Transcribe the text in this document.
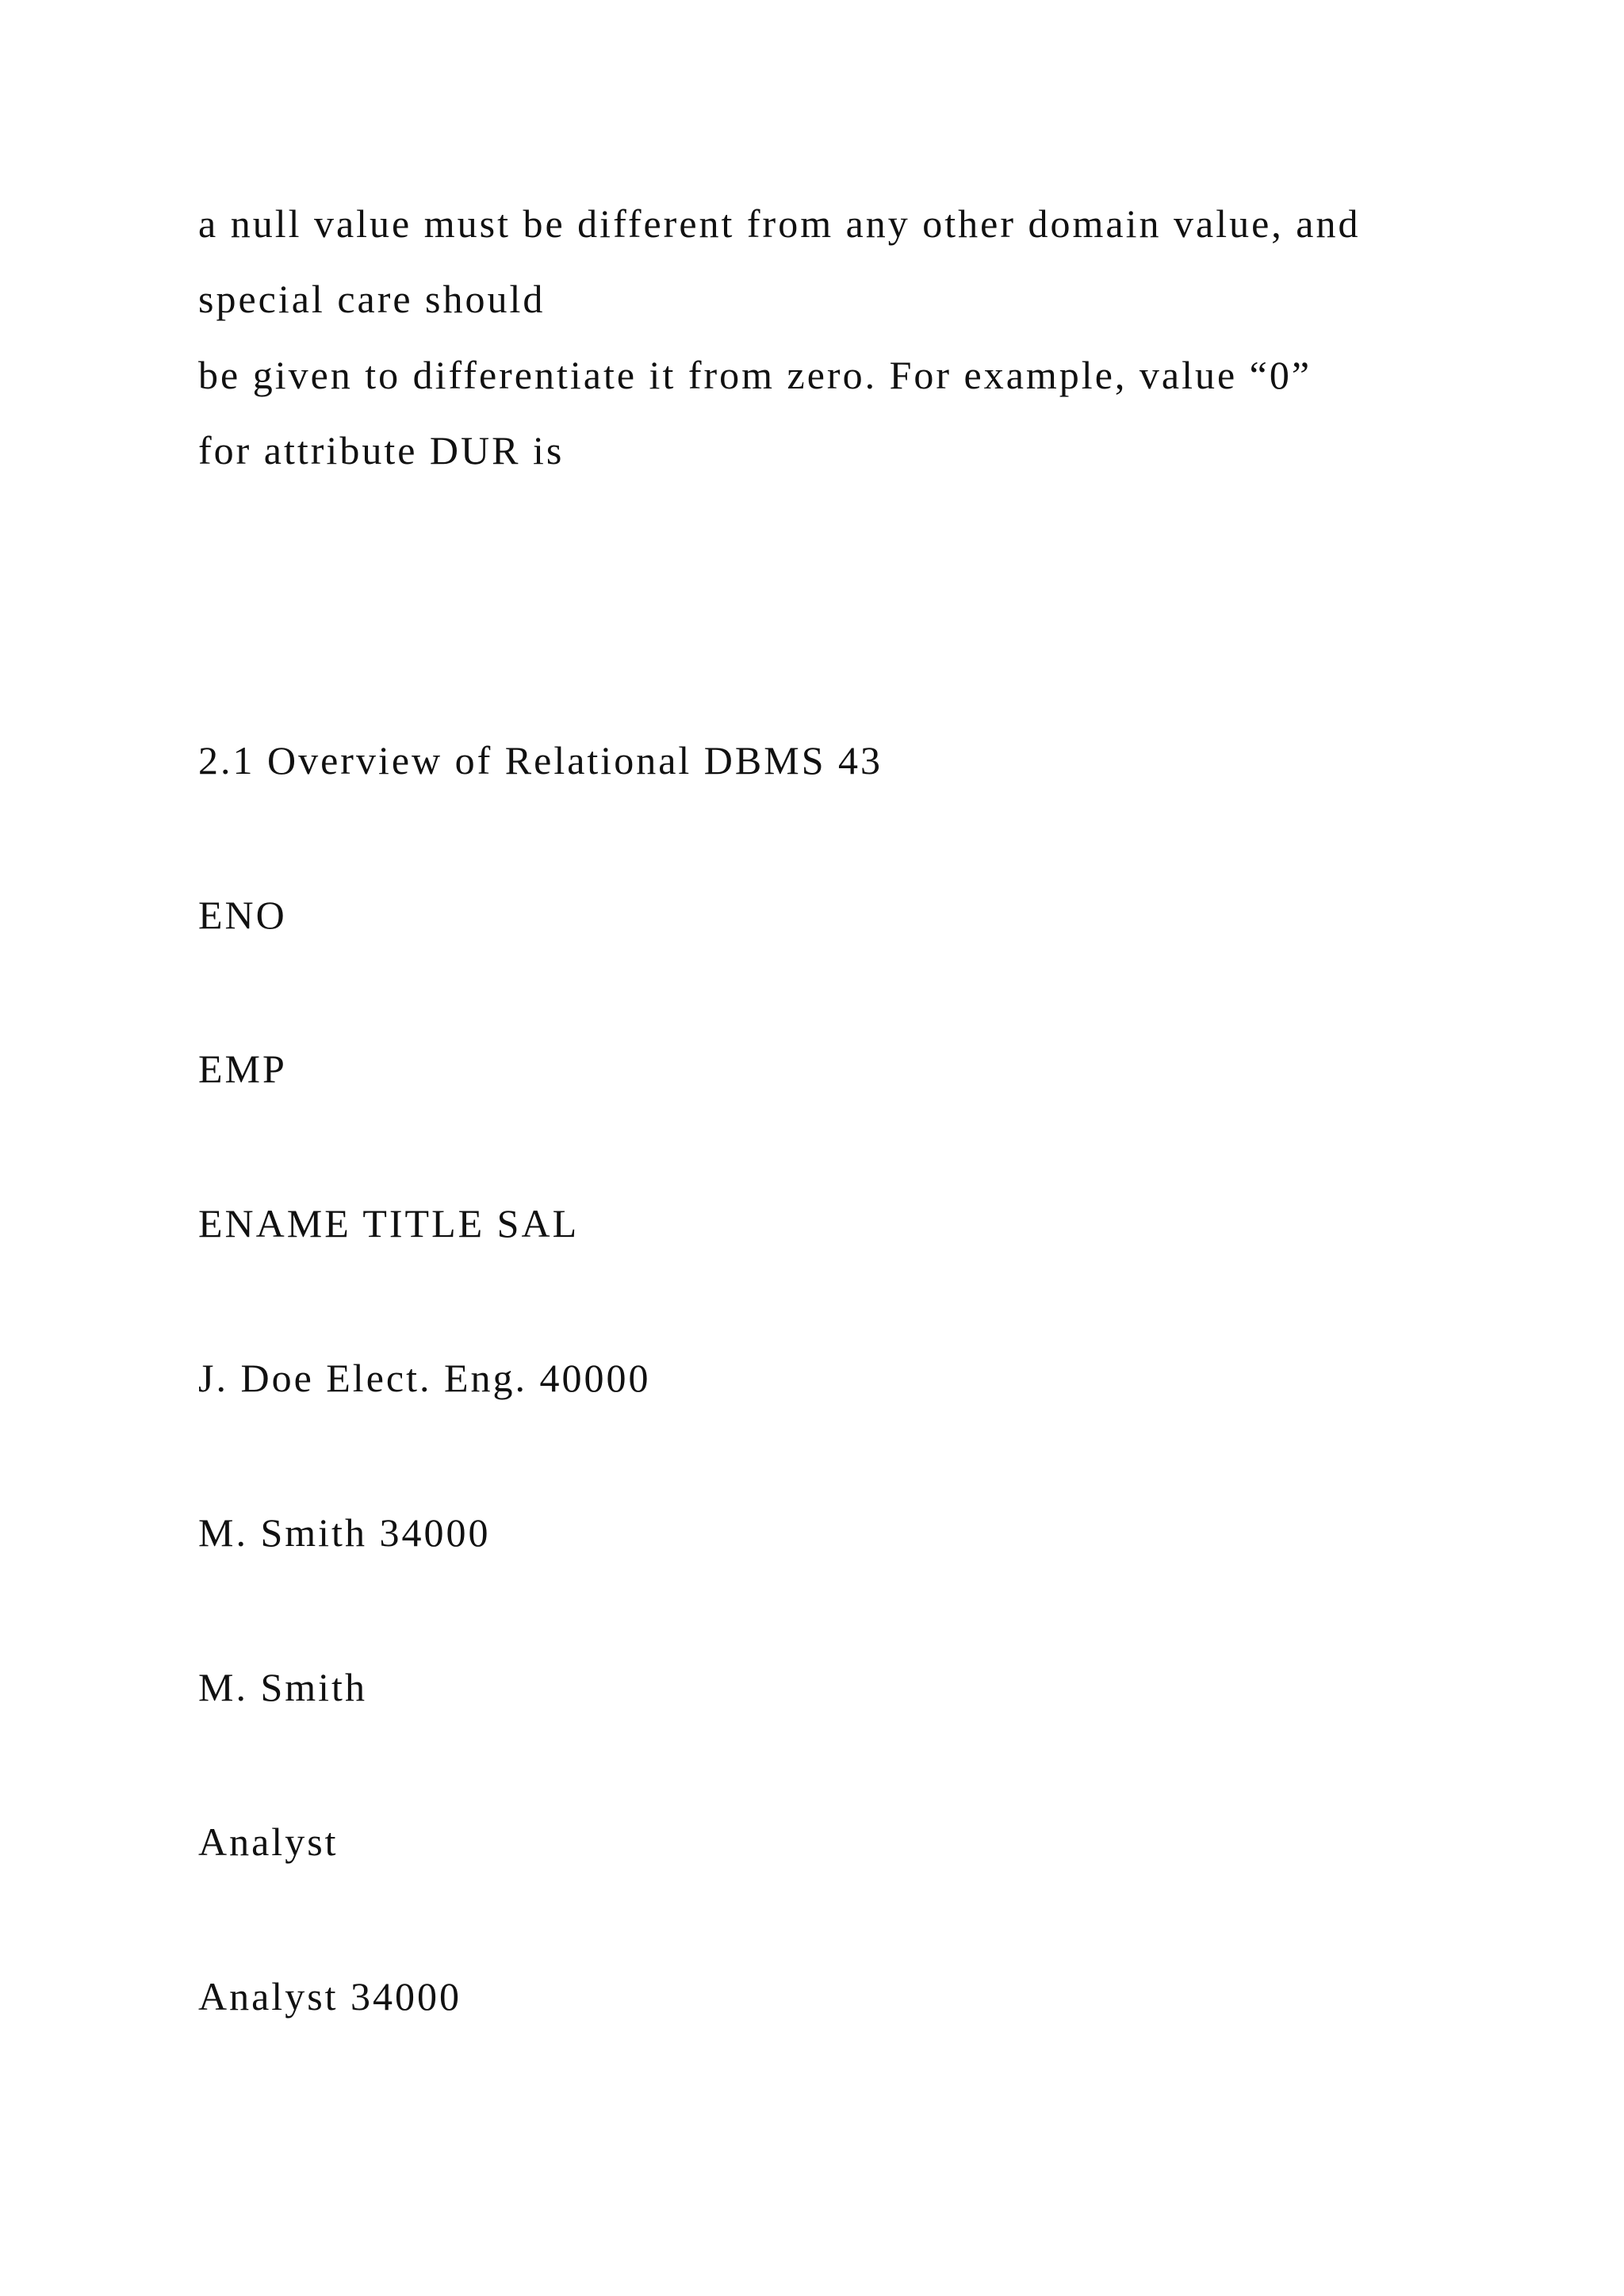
a null value must be different from any other domain value, and
special care should
be given to differentiate it from zero. For example, value “0”
for attribute DUR is
2.1 Overview of Relational DBMS 43
ENO
EMP
ENAME TITLE SAL
J. Doe Elect. Eng. 40000
M. Smith 34000
M. Smith
Analyst
Analyst 34000
